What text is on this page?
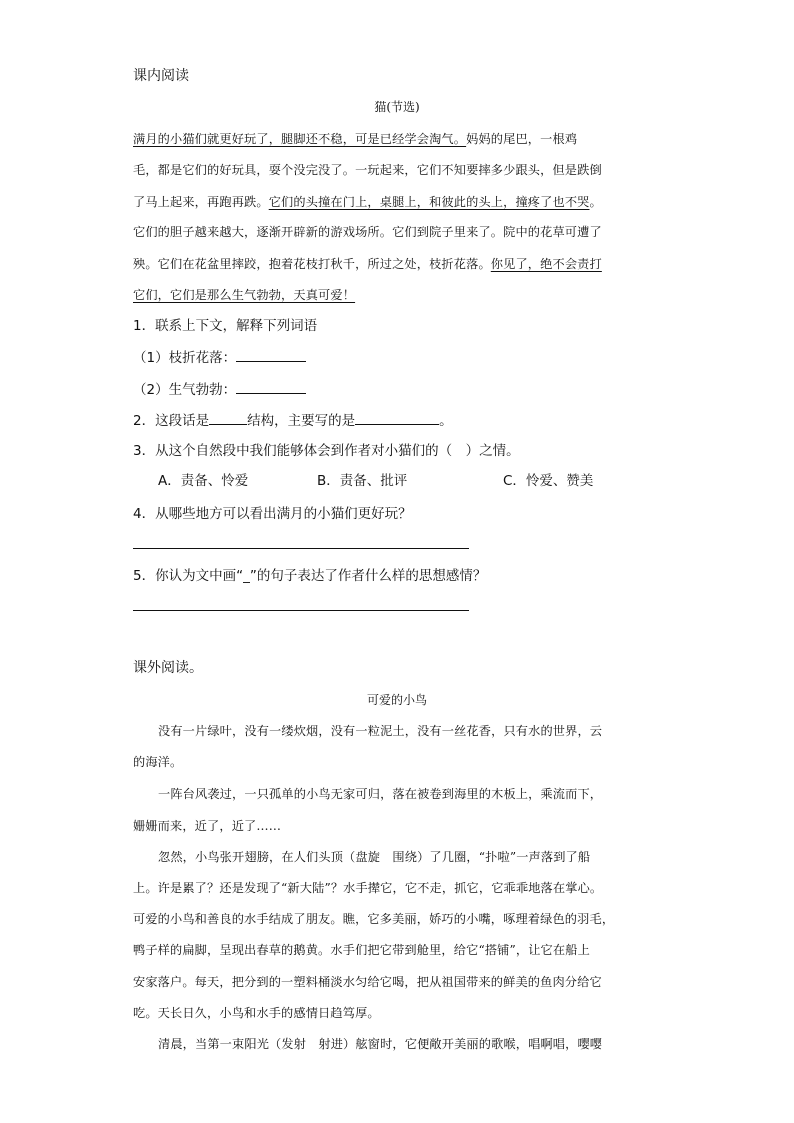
课内阅读
猫(节选)
满月的小猫们就更好玩了，腿脚还不稳，可是已经学会淘气。妈妈的尾巴，一根鸡
毛，都是它们的好玩具，耍个没完没了。一玩起来，它们不知要摔多少跟头，但是跌倒
了马上起来，再跑再跌。它们的头撞在门上，桌腿上，和彼此的头上，撞疼了也不哭。
它们的胆子越来越大，逐渐开辟新的游戏场所。它们到院子里来了。院中的花草可遭了
殃。它们在花盆里摔跤，抱着花枝打秋千，所过之处，枝折花落。你见了，绝不会责打
它们，它们是那么生气勃勃，天真可爱！
1．联系上下文，解释下列词语
（1）枝折花落：
（2）生气勃勃：
2．这段话是	结构，主要写的是	。
3．从这个自然段中我们能够体会到作者对小猫们的（　）之情。
A．责备、怜爱	B．责备、批评	C．怜爱、赞美
4．从哪些地方可以看出满月的小猫们更好玩？
5．你认为文中画“_”的句子表达了作者什么样的思想感情？
课外阅读。
可爱的小鸟
没有一片绿叶，没有一缕炊烟，没有一粒泥土，没有一丝花香，只有水的世界，云
的海洋。
一阵台风袭过，一只孤单的小鸟无家可归，落在被卷到海里的木板上，乘流而下，
姗姗而来，近了，近了……
忽然，小鸟张开翅膀，在人们头顶（盘旋　围绕）了几圈，“扑啦”一声落到了船
上。许是累了？还是发现了“新大陆”？水手撵它，它不走，抓它，它乖乖地落在掌心。
可爱的小鸟和善良的水手结成了朋友。瞧，它多美丽，娇巧的小嘴，啄理着绿色的羽毛，
鸭子样的扁脚，呈现出春草的鹅黄。水手们把它带到舱里，给它“搭铺”，让它在船上
安家落户。每天，把分到的一塑料桶淡水匀给它喝，把从祖国带来的鲜美的鱼肉分给它
吃。天长日久，小鸟和水手的感情日趋笃厚。
清晨，当第一束阳光（发射　射进）舷窗时，它便敞开美丽的歌喉，唱啊唱，嘤嘤
